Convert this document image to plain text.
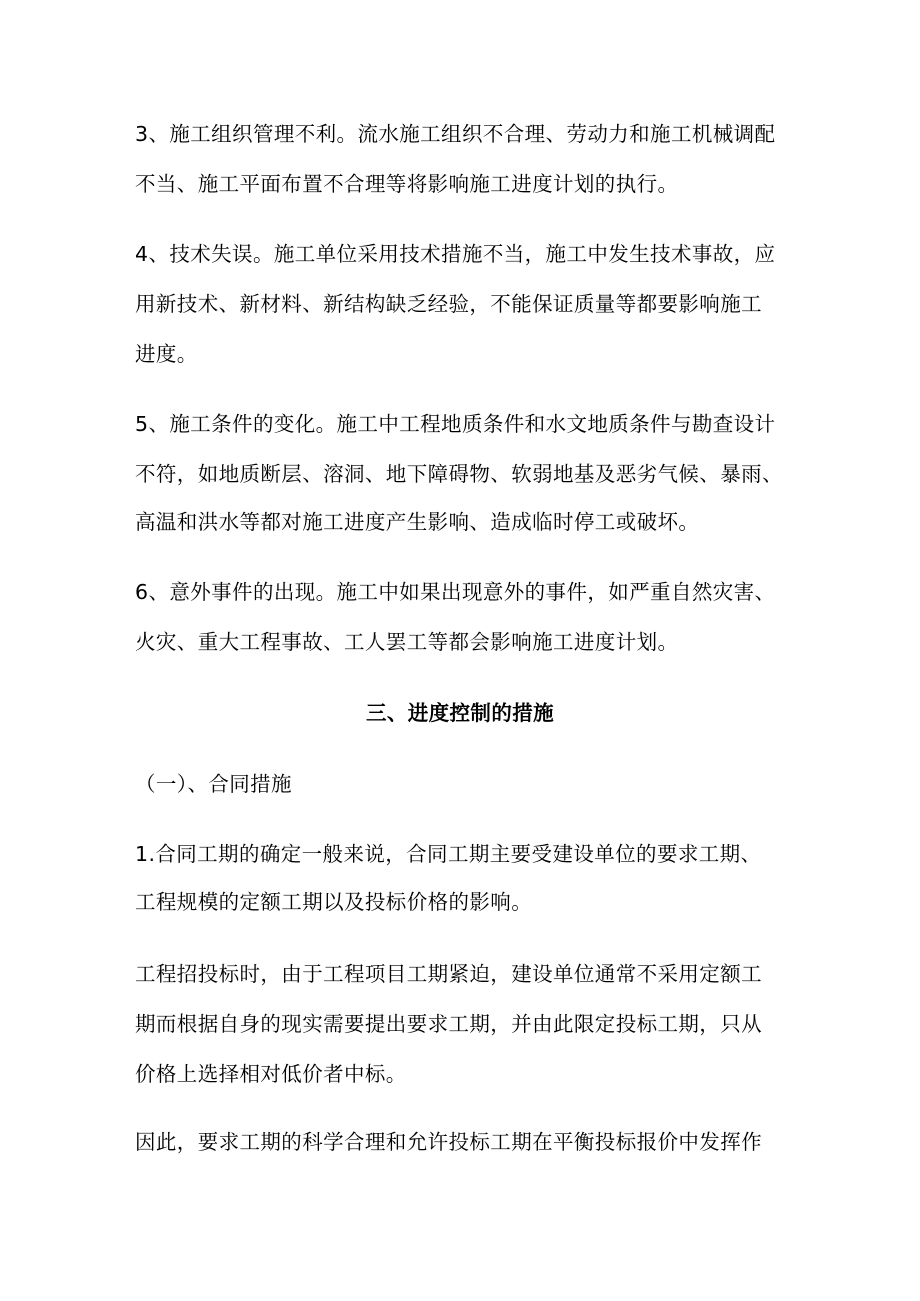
3、施工组织管理不利。流水施工组织不合理、劳动力和施工机械调配
不当、施工平面布置不合理等将影响施工进度计划的执行。
4、技术失误。施工单位采用技术措施不当，施工中发生技术事故，应
用新技术、新材料、新结构缺乏经验，不能保证质量等都要影响施工
进度。
5、施工条件的变化。施工中工程地质条件和水文地质条件与勘查设计
不符，如地质断层、溶洞、地下障碍物、软弱地基及恶劣气候、暴雨、
高温和洪水等都对施工进度产生影响、造成临时停工或破坏。
6、意外事件的出现。施工中如果出现意外的事件，如严重自然灾害、
火灾、重大工程事故、工人罢工等都会影响施工进度计划。
三、进度控制的措施
（一）、合同措施
1.合同工期的确定一般来说，合同工期主要受建设单位的要求工期、
工程规模的定额工期以及投标价格的影响。
工程招投标时，由于工程项目工期紧迫，建设单位通常不采用定额工
期而根据自身的现实需要提出要求工期，并由此限定投标工期，只从
价格上选择相对低价者中标。
因此，要求工期的科学合理和允许投标工期在平衡投标报价中发挥作
